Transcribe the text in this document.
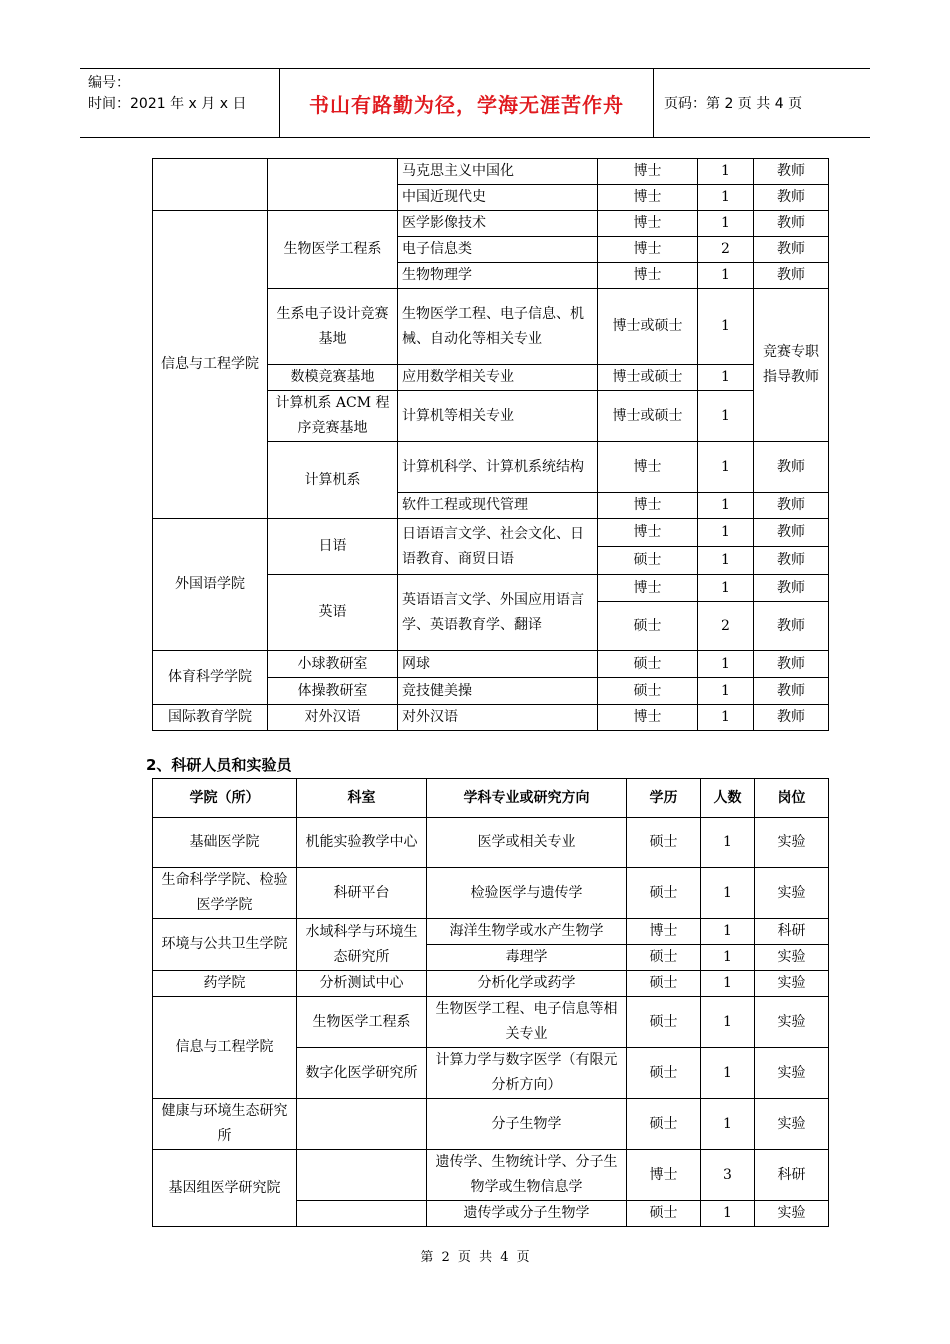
编号：
时间：2021 年 x 月 x 日	书山有路勤为径，学海无涯苦作舟	页码：第 2 页 共 4 页
		马克思主义中国化	博士	1	教师
		中国近现代史	博士	1	教师
信息与工程学院	生物医学工程系	医学影像技术	博士	1	教师
		电子信息类	博士	2	教师
		生物物理学	博士	1	教师
	生系电子设计竞赛基地	生物医学工程、电子信息、机械、自动化等相关专业	博士或硕士	1	竞赛专职指导教师
	数模竞赛基地	应用数学相关专业	博士或硕士	1	
	计算机系 ACM 程序竞赛基地	计算机等相关专业	博士或硕士	1	
	计算机系	计算机科学、计算机系统结构	博士	1	教师
		软件工程或现代管理	博士	1	教师
外国语学院	日语	日语语言文学、社会文化、日语教育、商贸日语	博士	1	教师
			硕士	1	教师
	英语	英语语言文学、外国应用语言学、英语教育学、翻译	博士	1	教师
			硕士	2	教师
体育科学学院	小球教研室	网球	硕士	1	教师
	体操教研室	竞技健美操	硕士	1	教师
国际教育学院	对外汉语	对外汉语	博士	1	教师
2、科研人员和实验员
学院（所）	科室	学科专业或研究方向	学历	人数	岗位
基础医学院	机能实验教学中心	医学或相关专业	硕士	1	实验
生命科学学院、检验医学学院	科研平台	检验医学与遗传学	硕士	1	实验
环境与公共卫生学院	水域科学与环境生态研究所	海洋生物学或水产生物学	博士	1	科研
		毒理学	硕士	1	实验
药学院	分析测试中心	分析化学或药学	硕士	1	实验
信息与工程学院	生物医学工程系	生物医学工程、电子信息等相关专业	硕士	1	实验
	数字化医学研究所	计算力学与数字医学（有限元分析方向）	硕士	1	实验
健康与环境生态研究所		分子生物学	硕士	1	实验
基因组医学研究院		遗传学、生物统计学、分子生物学或生物信息学	博士	3	科研
		遗传学或分子生物学	硕士	1	实验
第 2 页 共 4 页
